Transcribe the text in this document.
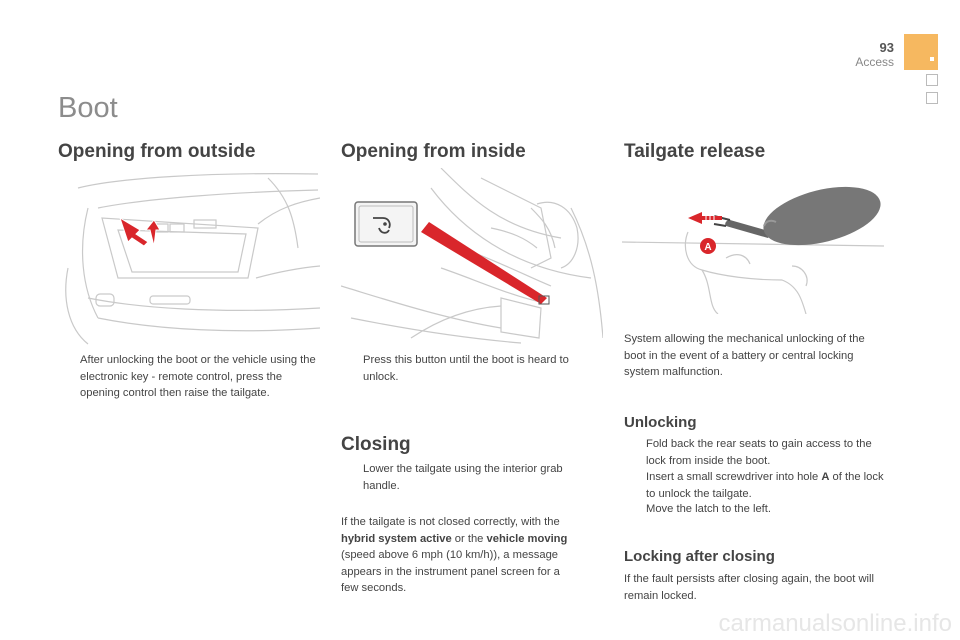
93
Access
Boot
Opening from outside
After unlocking the boot or the vehicle using the electronic key - remote control, press the opening control then raise the tailgate.
Opening from inside
Press this button until the boot is heard to unlock.
Closing
Lower the tailgate using the interior grab handle.
If the tailgate is not closed correctly, with the hybrid system active or the vehicle moving (speed above 6 mph (10 km/h)), a message appears in the instrument panel screen for a few seconds.
Tailgate release
A
System allowing the mechanical unlocking of the boot in the event of a battery or central locking system malfunction.
Unlocking
Fold back the rear seats to gain access to the lock from inside the boot.
Insert a small screwdriver into hole A of the lock to unlock the tailgate.
Move the latch to the left.
Locking after closing
If the fault persists after closing again, the boot will remain locked.
carmanualsonline.info
